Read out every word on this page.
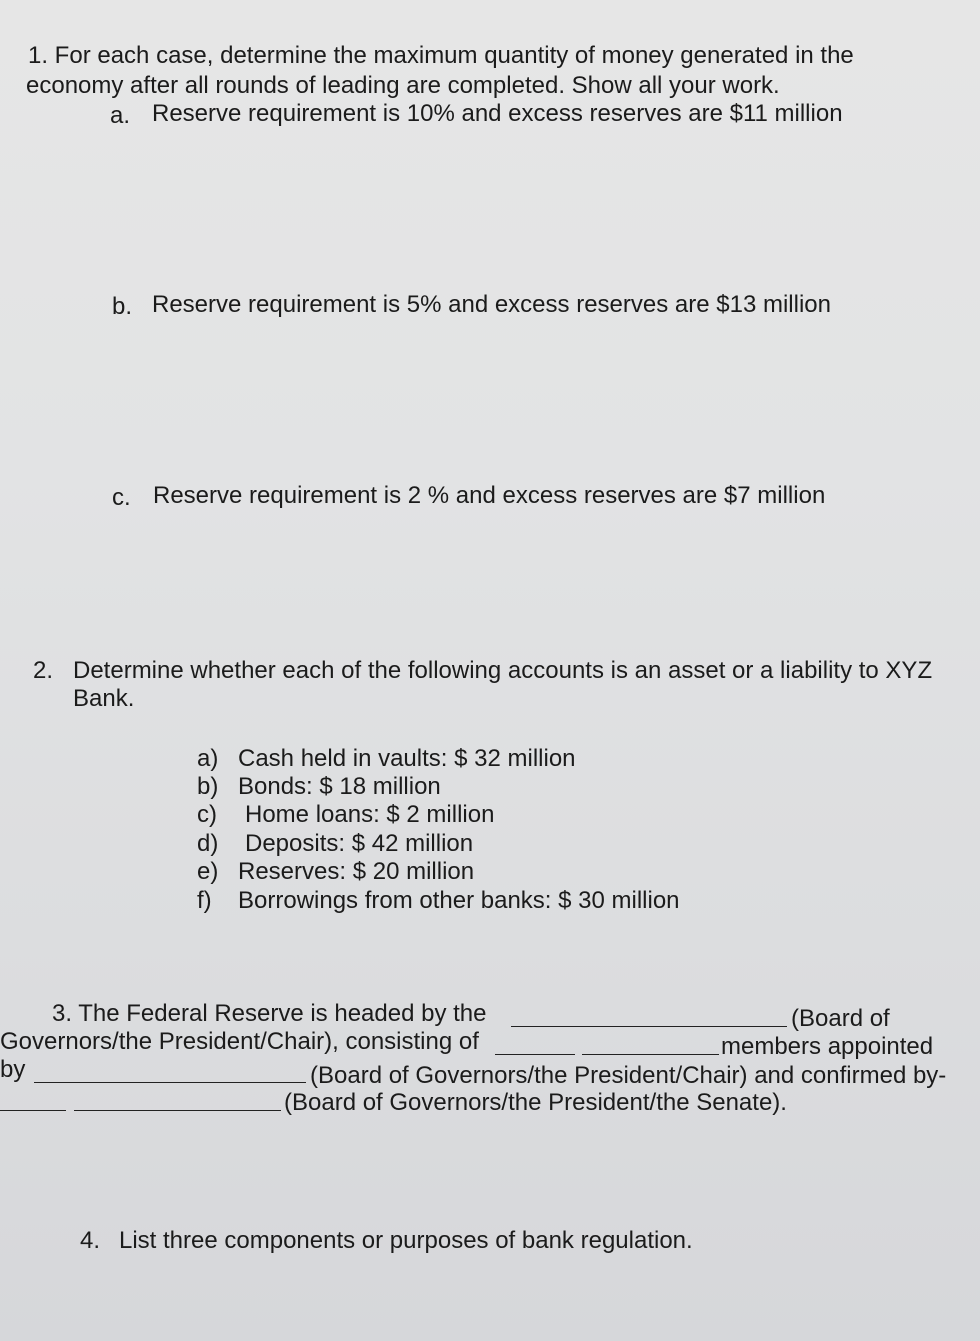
1. For each case, determine the maximum quantity of money generated in the
economy after all rounds of leading are completed. Show all your work.
a. Reserve requirement is 10% and excess reserves are $11 million
b. Reserve requirement is 5% and excess reserves are $13 million
c. Reserve requirement is 2 % and excess reserves are $7 million
2. Determine whether each of the following accounts is an asset or a liability to XYZ
Bank.
a) Cash held in vaults: $ 32 million
b) Bonds: $ 18 million
c) Home loans: $ 2 million
d) Deposits: $ 42 million
e) Reserves: $ 20 million
f) Borrowings from other banks: $ 30 million
3. The Federal Reserve is headed by the	(Board of
Governors/the President/Chair), consisting of	members appointed
by	(Board of Governors/the President/Chair) and confirmed by-
(Board of Governors/the President/the Senate).
4. List three components or purposes of bank regulation.
